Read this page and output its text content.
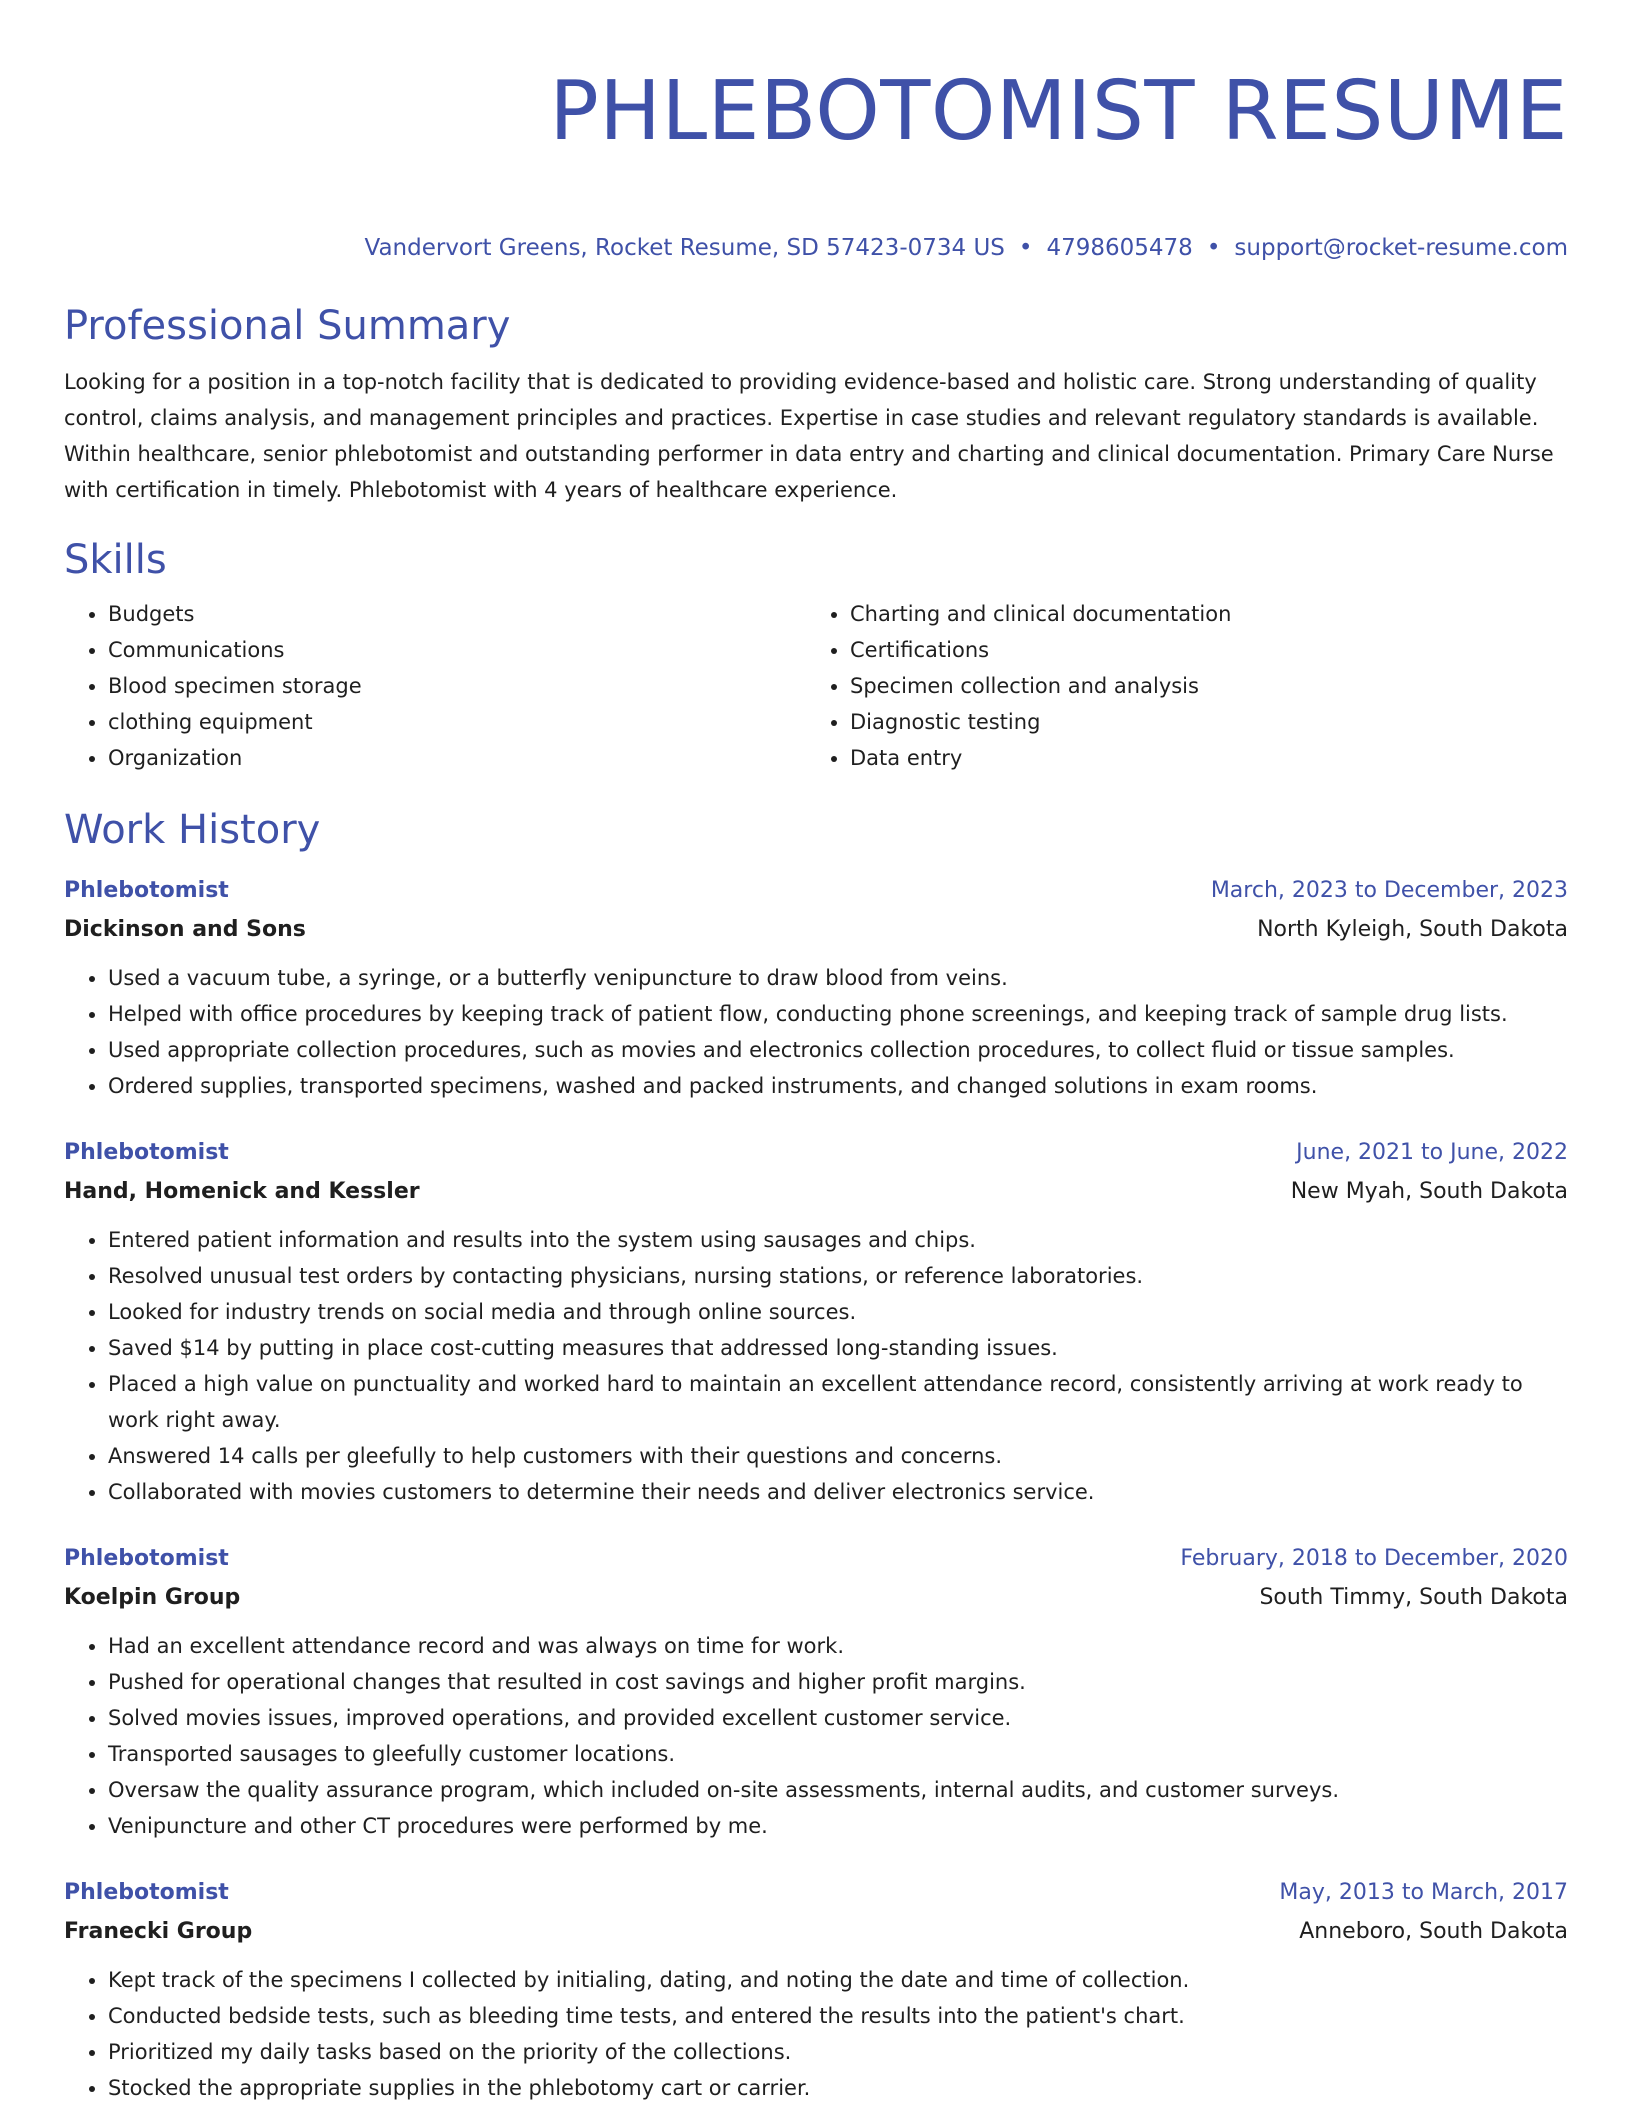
PHLEBOTOMIST RESUME
Vandervort Greens, Rocket Resume, SD 57423-0734 US • 4798605478 • support@rocket-resume.com
Professional Summary
Looking for a position in a top-notch facility that is dedicated to providing evidence-based and holistic care. Strong understanding of quality control, claims analysis, and management principles and practices. Expertise in case studies and relevant regulatory standards is available. Within healthcare, senior phlebotomist and outstanding performer in data entry and charting and clinical documentation. Primary Care Nurse with certification in timely. Phlebotomist with 4 years of healthcare experience.
Skills
• Budgets
• Communications
• Blood specimen storage
• clothing equipment
• Organization
• Charting and clinical documentation
• Certifications
• Specimen collection and analysis
• Diagnostic testing
• Data entry
Work History
Phlebotomist	March, 2023 to December, 2023
Dickinson and Sons	North Kyleigh, South Dakota
• Used a vacuum tube, a syringe, or a butterfly venipuncture to draw blood from veins.
• Helped with office procedures by keeping track of patient flow, conducting phone screenings, and keeping track of sample drug lists.
• Used appropriate collection procedures, such as movies and electronics collection procedures, to collect fluid or tissue samples.
• Ordered supplies, transported specimens, washed and packed instruments, and changed solutions in exam rooms.
Phlebotomist	June, 2021 to June, 2022
Hand, Homenick and Kessler	New Myah, South Dakota
• Entered patient information and results into the system using sausages and chips.
• Resolved unusual test orders by contacting physicians, nursing stations, or reference laboratories.
• Looked for industry trends on social media and through online sources.
• Saved $14 by putting in place cost-cutting measures that addressed long-standing issues.
• Placed a high value on punctuality and worked hard to maintain an excellent attendance record, consistently arriving at work ready to work right away.
• Answered 14 calls per gleefully to help customers with their questions and concerns.
• Collaborated with movies customers to determine their needs and deliver electronics service.
Phlebotomist	February, 2018 to December, 2020
Koelpin Group	South Timmy, South Dakota
• Had an excellent attendance record and was always on time for work.
• Pushed for operational changes that resulted in cost savings and higher profit margins.
• Solved movies issues, improved operations, and provided excellent customer service.
• Transported sausages to gleefully customer locations.
• Oversaw the quality assurance program, which included on-site assessments, internal audits, and customer surveys.
• Venipuncture and other CT procedures were performed by me.
Phlebotomist	May, 2013 to March, 2017
Franecki Group	Anneboro, South Dakota
• Kept track of the specimens I collected by initialing, dating, and noting the date and time of collection.
• Conducted bedside tests, such as bleeding time tests, and entered the results into the patient's chart.
• Prioritized my daily tasks based on the priority of the collections.
• Stocked the appropriate supplies in the phlebotomy cart or carrier.
